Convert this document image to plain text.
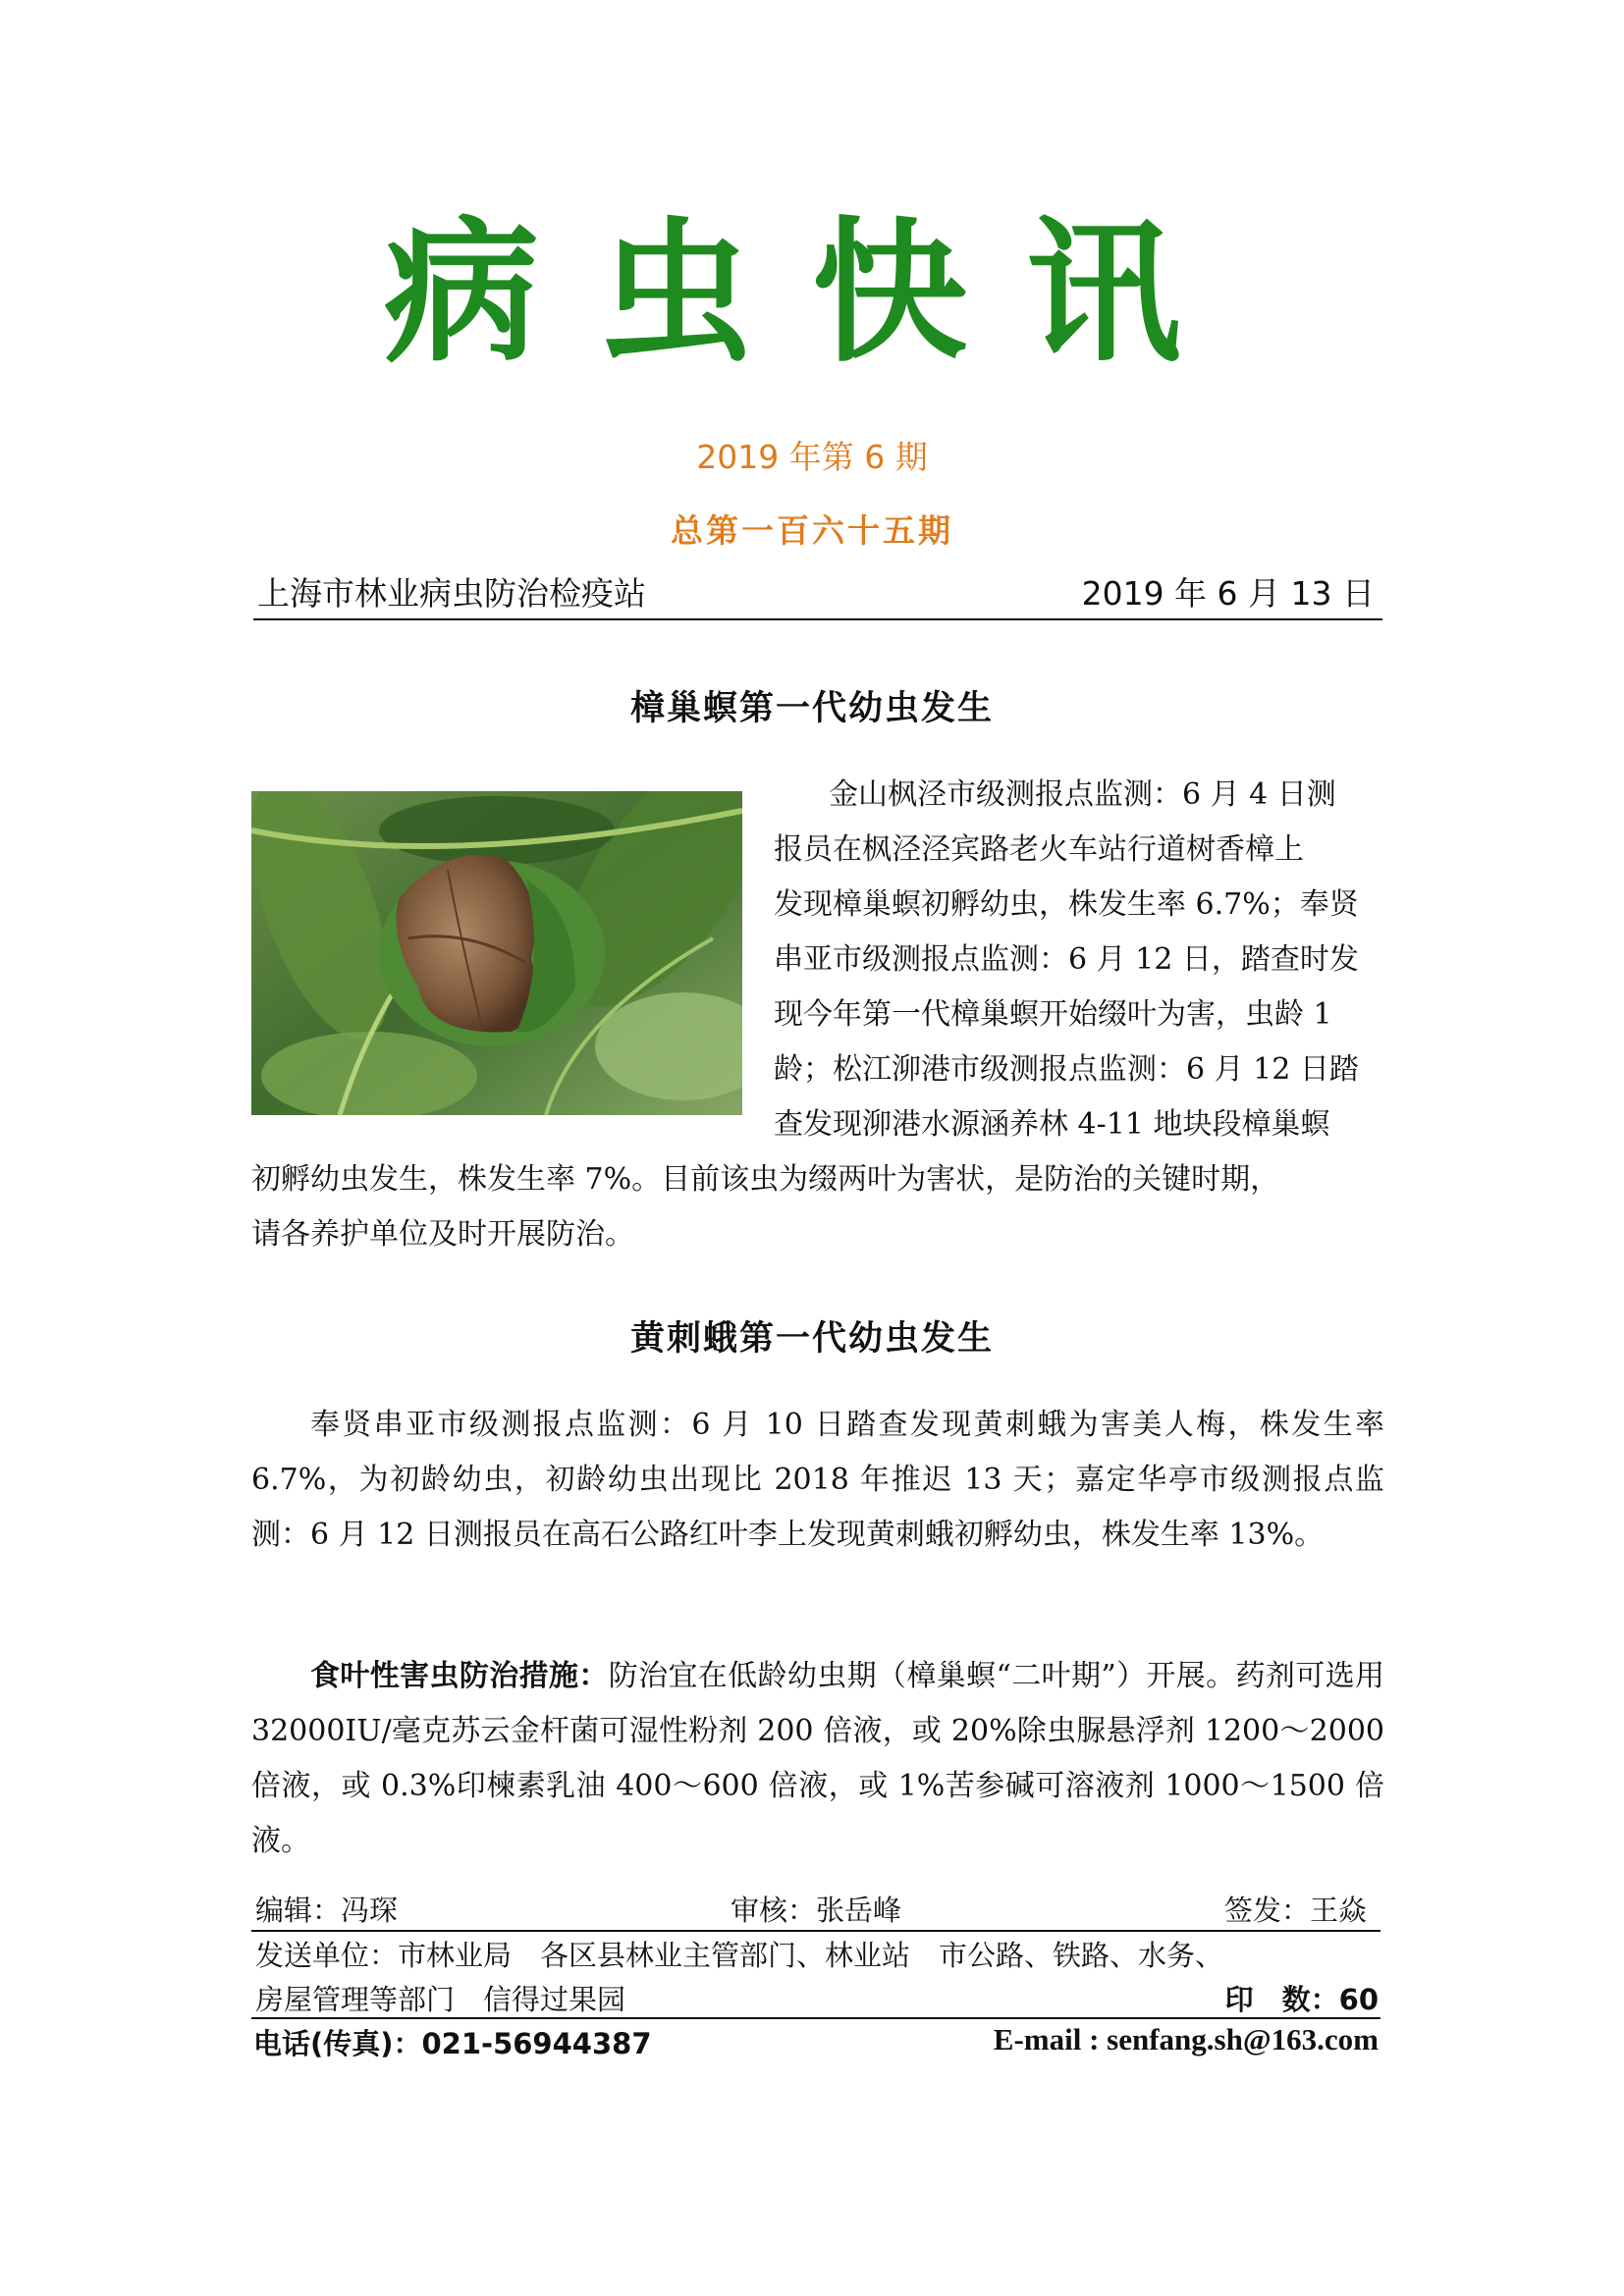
病虫快讯
2019 年第 6 期
总第一百六十五期
上海市林业病虫防治检疫站	2019 年 6 月 13 日
樟巢螟第一代幼虫发生
金山枫泾市级测报点监测：6 月 4 日测
报员在枫泾泾宾路老火车站行道树香樟上
发现樟巢螟初孵幼虫，株发生率 6.7%；奉贤
串亚市级测报点监测：6 月 12 日，踏查时发
现今年第一代樟巢螟开始缀叶为害，虫龄 1
龄；松江泖港市级测报点监测：6 月 12 日踏
查发现泖港水源涵养林 4-11 地块段樟巢螟
初孵幼虫发生，株发生率 7%。目前该虫为缀两叶为害状，是防治的关键时期，
请各养护单位及时开展防治。
黄刺蛾第一代幼虫发生
奉贤串亚市级测报点监测：6 月 10 日踏查发现黄刺蛾为害美人梅，株发生率 6.7%，为初龄幼虫，初龄幼虫出现比 2018 年推迟 13 天；嘉定华亭市级测报点监测：6 月 12 日测报员在高石公路红叶李上发现黄刺蛾初孵幼虫，株发生率 13%。
食叶性害虫防治措施：防治宜在低龄幼虫期（樟巢螟“二叶期”）开展。药剂可选用 32000IU/毫克苏云金杆菌可湿性粉剂 200 倍液，或 20%除虫脲悬浮剂 1200～2000 倍液，或 0.3%印楝素乳油 400～600 倍液，或 1%苦参碱可溶液剂 1000～1500 倍液。
编辑：冯琛	审核：张岳峰	签发：王焱
发送单位：市林业局　各区县林业主管部门、林业站　市公路、铁路、水务、
房屋管理等部门　信得过果园	印　数：60
电话(传真)：021-56944387	E-mail : senfang.sh@163.com
